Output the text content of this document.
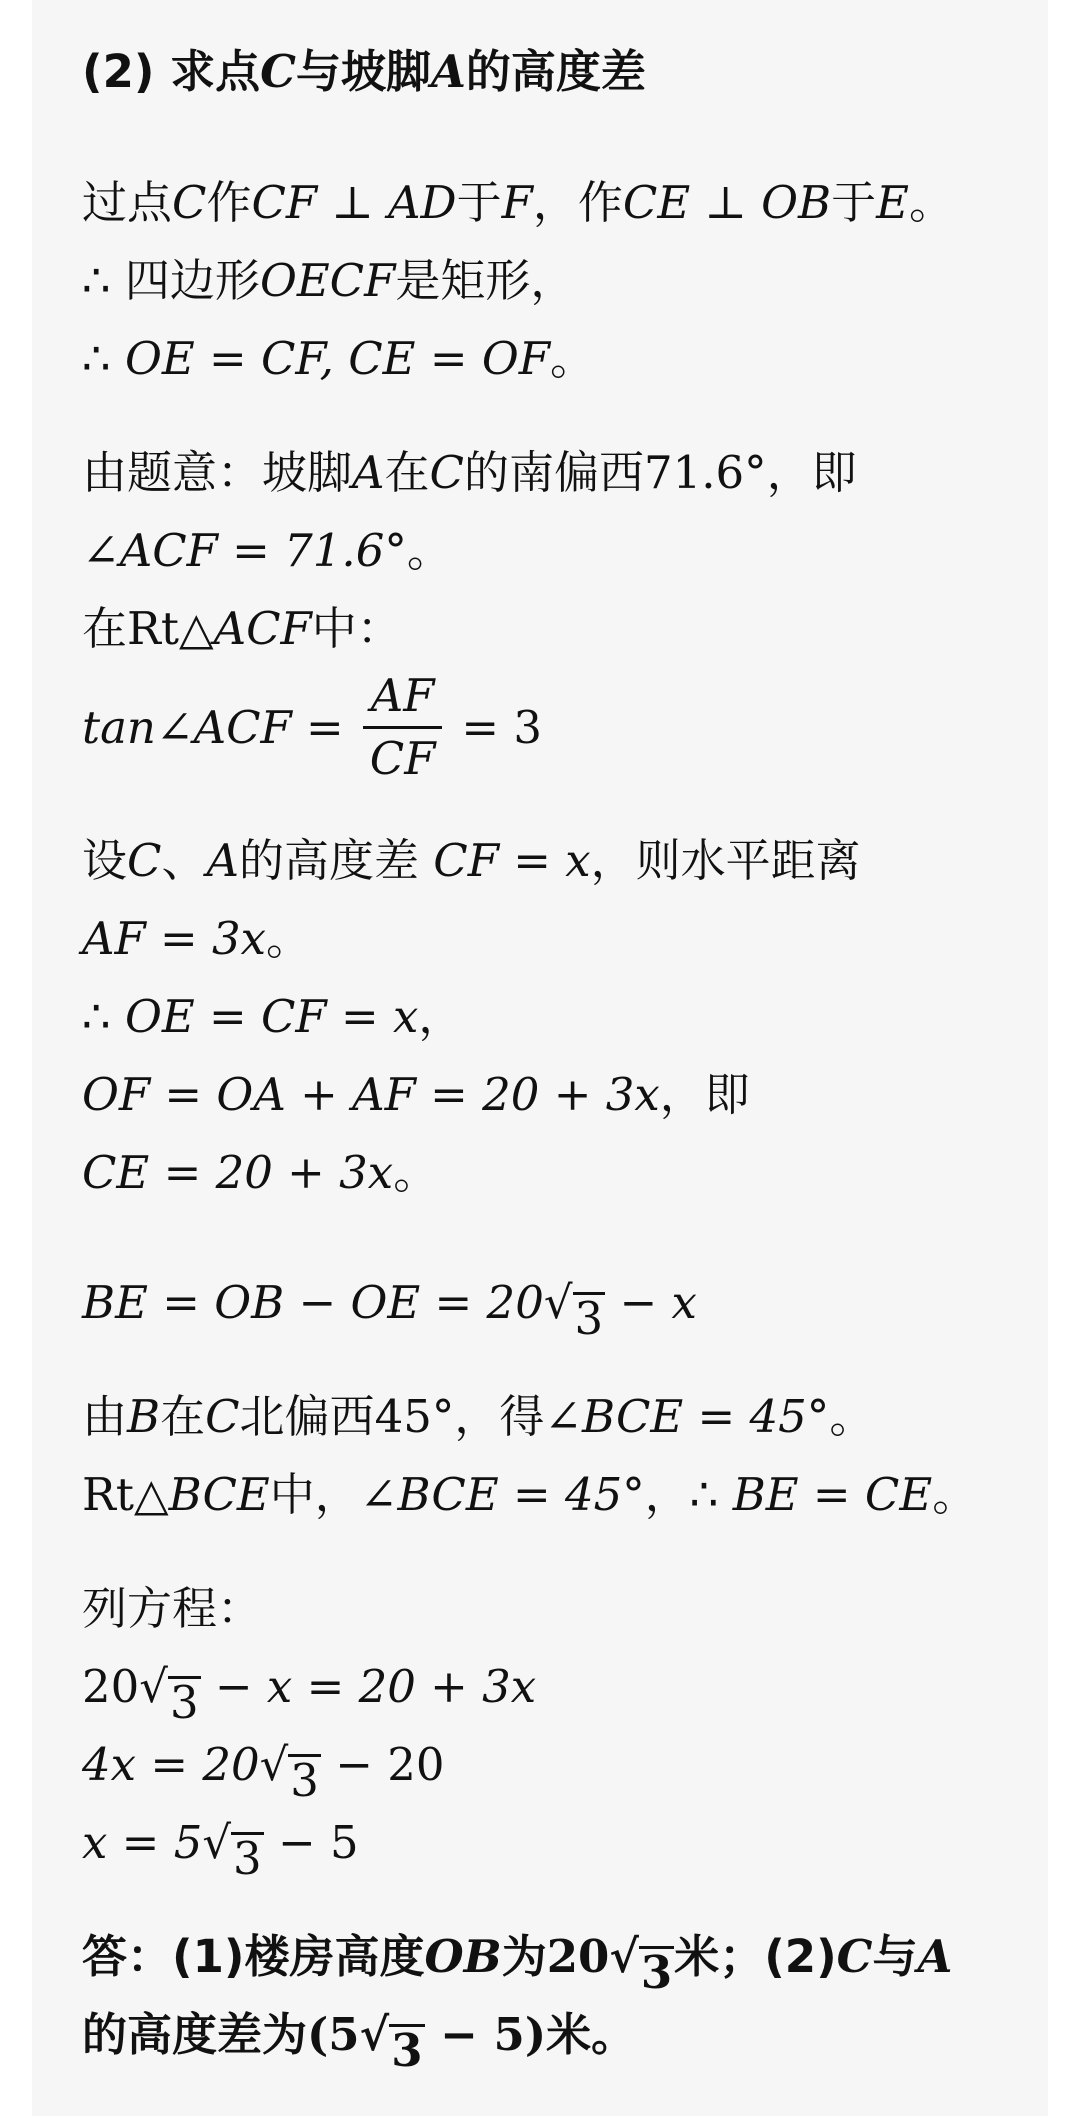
(2) 求点C与坡脚A的高度差
过点C作CF ⊥ AD于F，作CE ⊥ OB于E。
∴ 四边形OECF是矩形，
∴ OE = CF, CE = OF。
由题意：坡脚A在C的南偏西71.6°，即
∠ACF = 71.6°。
在Rt△ACF中：
tan∠ACF = $\frac{AF}{CF} = 3$
设C、A的高度差 CF = x，则水平距离
AF = 3x。
∴ OE = CF = x，
OF = OA + AF = 20 + 3x，即
CE = 20 + 3x。
BE = OB − OE = 20 √ 3 − x
由B在C北偏西45°，得∠BCE = 45°。
Rt△BCE中，∠BCE = 45°，∴ BE = CE。
列方程：
20 √ 3 − x = 20 + 3x
4x = 20 √ 3 − 20
x = 5 √ 3 − 5
答：(1)楼房高度OB为20 √ 3 米；(2)C与A
的高度差为(5 √ 3 − 5)米。
